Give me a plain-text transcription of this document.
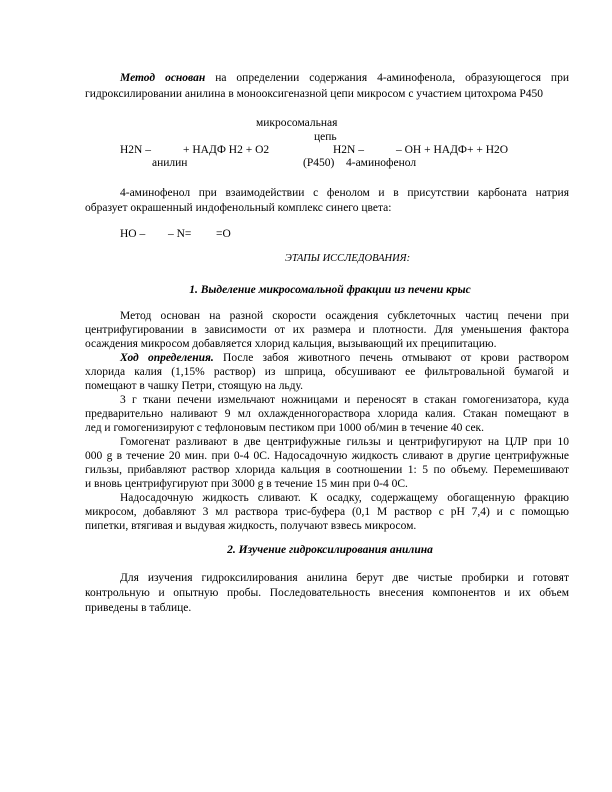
Метод основан на определении содержания 4-аминофенола, образующегося при
гидроксилировании анилина в монооксигеназной цепи микросом с участием цитохрома Р450
микросомальная
цепь
H2N –	+ НАДФ Н2 + О2	H2N –	– ОН + НАДФ+ + Н2О
анилин	(Р450) 4-аминофенол
4-аминофенол при взаимодействии с фенолом и в присутствии карбоната натрия
образует окрашенный индофенольный комплекс синего цвета:
НО – – N= =O
ЭТАПЫ ИССЛЕДОВАНИЯ:
1. Выделение микросомальной фракции из печени крыс
Метод основан на разной скорости осаждения субклеточных частиц печени при
центрифугировании в зависимости от их размера и плотности. Для уменьшения фактора
осаждения микросом добавляется хлорид кальция, вызывающий их преципитацию.
Ход определения. После забоя животного печень отмывают от крови раствором
хлорида калия (1,15% раствор) из шприца, обсушивают ее фильтровальной бумагой и
помещают в чашку Петри, стоящую на льду.
3 г ткани печени измельчают ножницами и переносят в стакан гомогенизатора, куда
предварительно наливают 9 мл охлажденногораствора хлорида калия. Стакан помещают в
лед и гомогенизируют с тефлоновым пестиком при 1000 об/мин в течение 40 сек.
Гомогенат разливают в две центрифужные гильзы и центрифугируют на ЦЛР при 10
000 g в течение 20 мин. при 0-4 0С. Надосадочную жидкость сливают в другие центрифужные
гильзы, прибавляют раствор хлорида кальция в соотношении 1: 5 по объему. Перемешивают
и вновь центрифугируют при 3000 g в течение 15 мин при 0-4 0С.
Надосадочную жидкость сливают. К осадку, содержащему обогащенную фракцию
микросом, добавляют 3 мл раствора трис-буфера (0,1 М раствор с рН 7,4) и с помощью
пипетки, втягивая и выдувая жидкость, получают взвесь микросом.
2. Изучение гидроксилирования анилина
Для изучения гидроксилирования анилина берут две чистые пробирки и готовят
контрольную и опытную пробы. Последовательность внесения компонентов и их объем
приведены в таблице.
